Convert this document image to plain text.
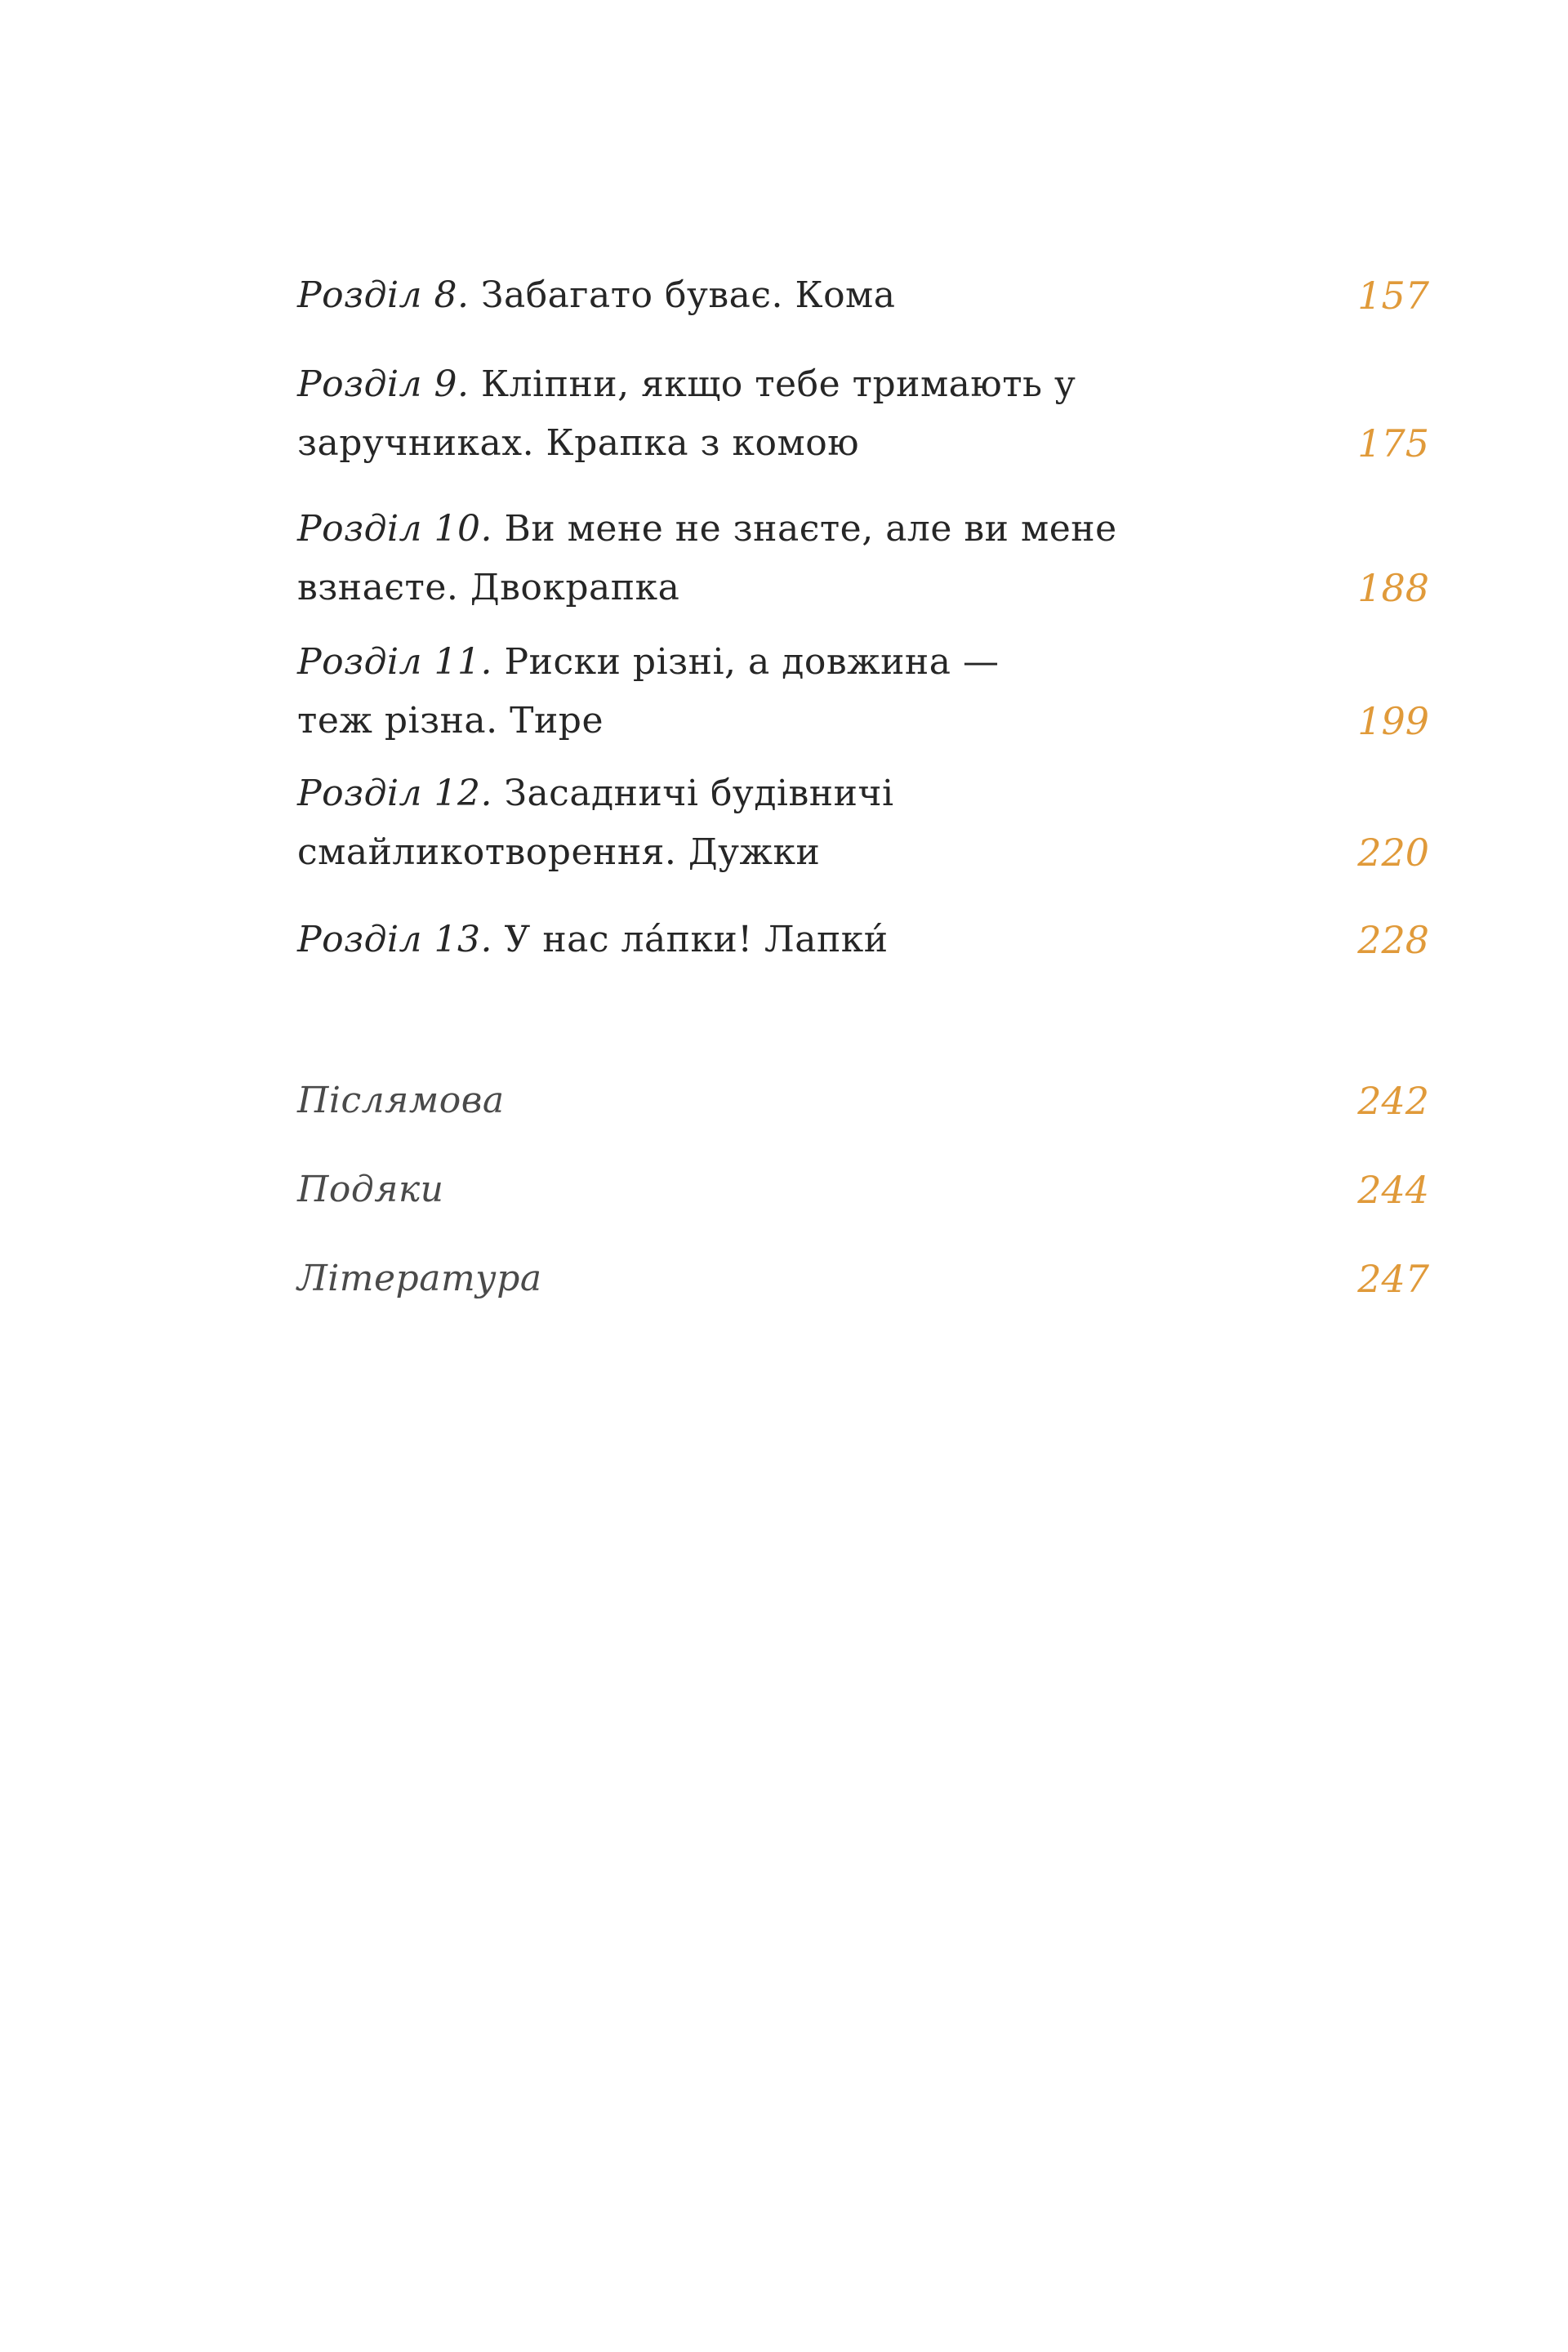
Розділ 8. Забагато буває. Кома	157
Розділ 9. Кліпни, якщо тебе тримають у заручниках. Крапка з комою	175
Розділ 10. Ви мене не знаєте, але ви мене взнаєте. Двокрапка	188
Розділ 11. Риски різні, а довжина — теж різна. Тире	199
Розділ 12. Засадничі будівничі смайликотворення. Дужки	220
Розділ 13. У нас ла́пки! Лапки́	228
Післямова	242
Подяки	244
Література	247
